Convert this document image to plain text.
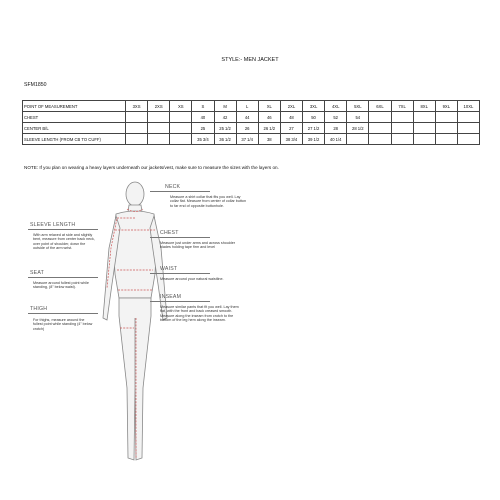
STYLE:- MEN JACKET
SFM1850
POINT OF MEASUREMENT	3XS	2XS	XS	S	M	L	XL	2XL	3XL	4XL	5XL	6XL	7XL	8XL	9XL	10XL
CHEST				40	42	44	46	48	50	52	54					
CENTER B/L				25	25 1/2	26	26 1/2	27	27 1/2	28	28 1/2					
SLEEVE LENGTH (FROM CB TO CUFF)				35 3/4	36 1/2	37 1/4	38	38 3/4	39 1/2	40 1/4						
NOTE: If you plan on wearing a heavy layers underneath our jackets/vest, make sure to measure the sizes with the layers on.
NECK
Measure a shirt collar that fits you well. Lay collar flat. Measure from center of collar button to far end of opposite buttonhole.
CHEST
Measure just under arms and across shoulder blades holding tape firm and level
WAIST
Measure around your natural waistline.
INSEAM
Measure similar pants that fit you well. Lay them flat, with the front and back creased smooth. Measure along the inseam from crotch to the bottom of the leg hem along the inseam.
SLEEVE LENGTH
With arm relaxed at side and slightly bent, measure from center back neck, over point of shoulder, down the outside of the arm wrist.
SEAT
Measure around fullest point while standing, (8" below waist).
THIGH
For thighs, measure around the fullest point while standing (4" below crotch)
